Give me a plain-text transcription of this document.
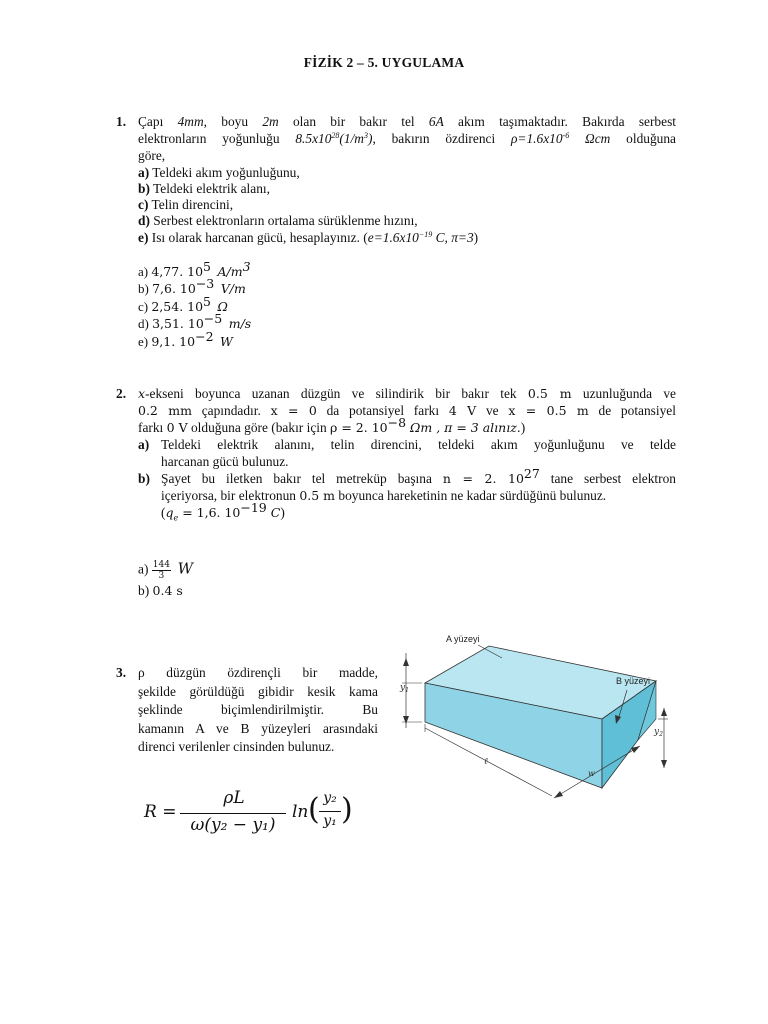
FİZİK 2 – 5. UYGULAMA
1. Çapı 4mm, boyu 2m olan bir bakır tel 6A akım taşımaktadır. Bakırda serbest
elektronların yoğunluğu $8.5x10^{28}(1/m^3)$, bakırın özdirenci $\rho=1.6x10^{-6}$ Ωcm olduğuna
göre,
a) Teldeki akım yoğunluğunu,
b) Teldeki elektrik alanı,
c) Telin direncini,
d) Serbest elektronların ortalama sürüklenme hızını,
e) Isı olarak harcanan gücü, hesaplayınız. ($e=1.6x10^{-19}$ C, π=3)
a) 4,77. $10^5$ $A/m^3$
b) 7,6. $10^{-3}$ V/m
c) 2,54. $10^5$ Ω
d) 3,51. $10^{-5}$ m/s
e) 9,1. $10^{-2}$ W
2. x-ekseni boyunca uzanan düzgün ve silindirik bir bakır tek 0.5 m uzunluğunda ve
0.2 mm çapındadır. x = 0 da potansiyel farkı 4 V ve x = 0.5 m de potansiyel
farkı 0 V olduğuna göre (bakır için ρ = 2. $10^{-8}$ Ωm , π = 3 alınız.)
a) Teldeki elektrik alanını, telin direncini, teldeki akım yoğunluğunu ve telde
harcanan gücü bulunuz.
b) Şayet bu iletken bakır tel metreküp başına n = 2. $10^{27}$ tane serbest elektron
içeriyorsa, bir elektronun 0.5 m boyunca hareketinin ne kadar sürdüğünü bulunuz.
($q_e = 1,6$. $10^{-19}$ C)
$a) \frac{144}{3}$ W
b) 0.4 s
3. ρ düzgün özdirençli bir madde,
şekilde görüldüğü gibidir kesik kama
şeklinde biçimlendirilmiştir. Bu
kamanın A ve B yüzeyleri arasındaki
direnci verilenler cinsinden bulunuz.
$y_1$
$y_2$
ℓ
w
A yüzeyi
B yüzeyi
R =
ρL
ω(y₂ − y₁)
ln ( y₂
y₁ )
